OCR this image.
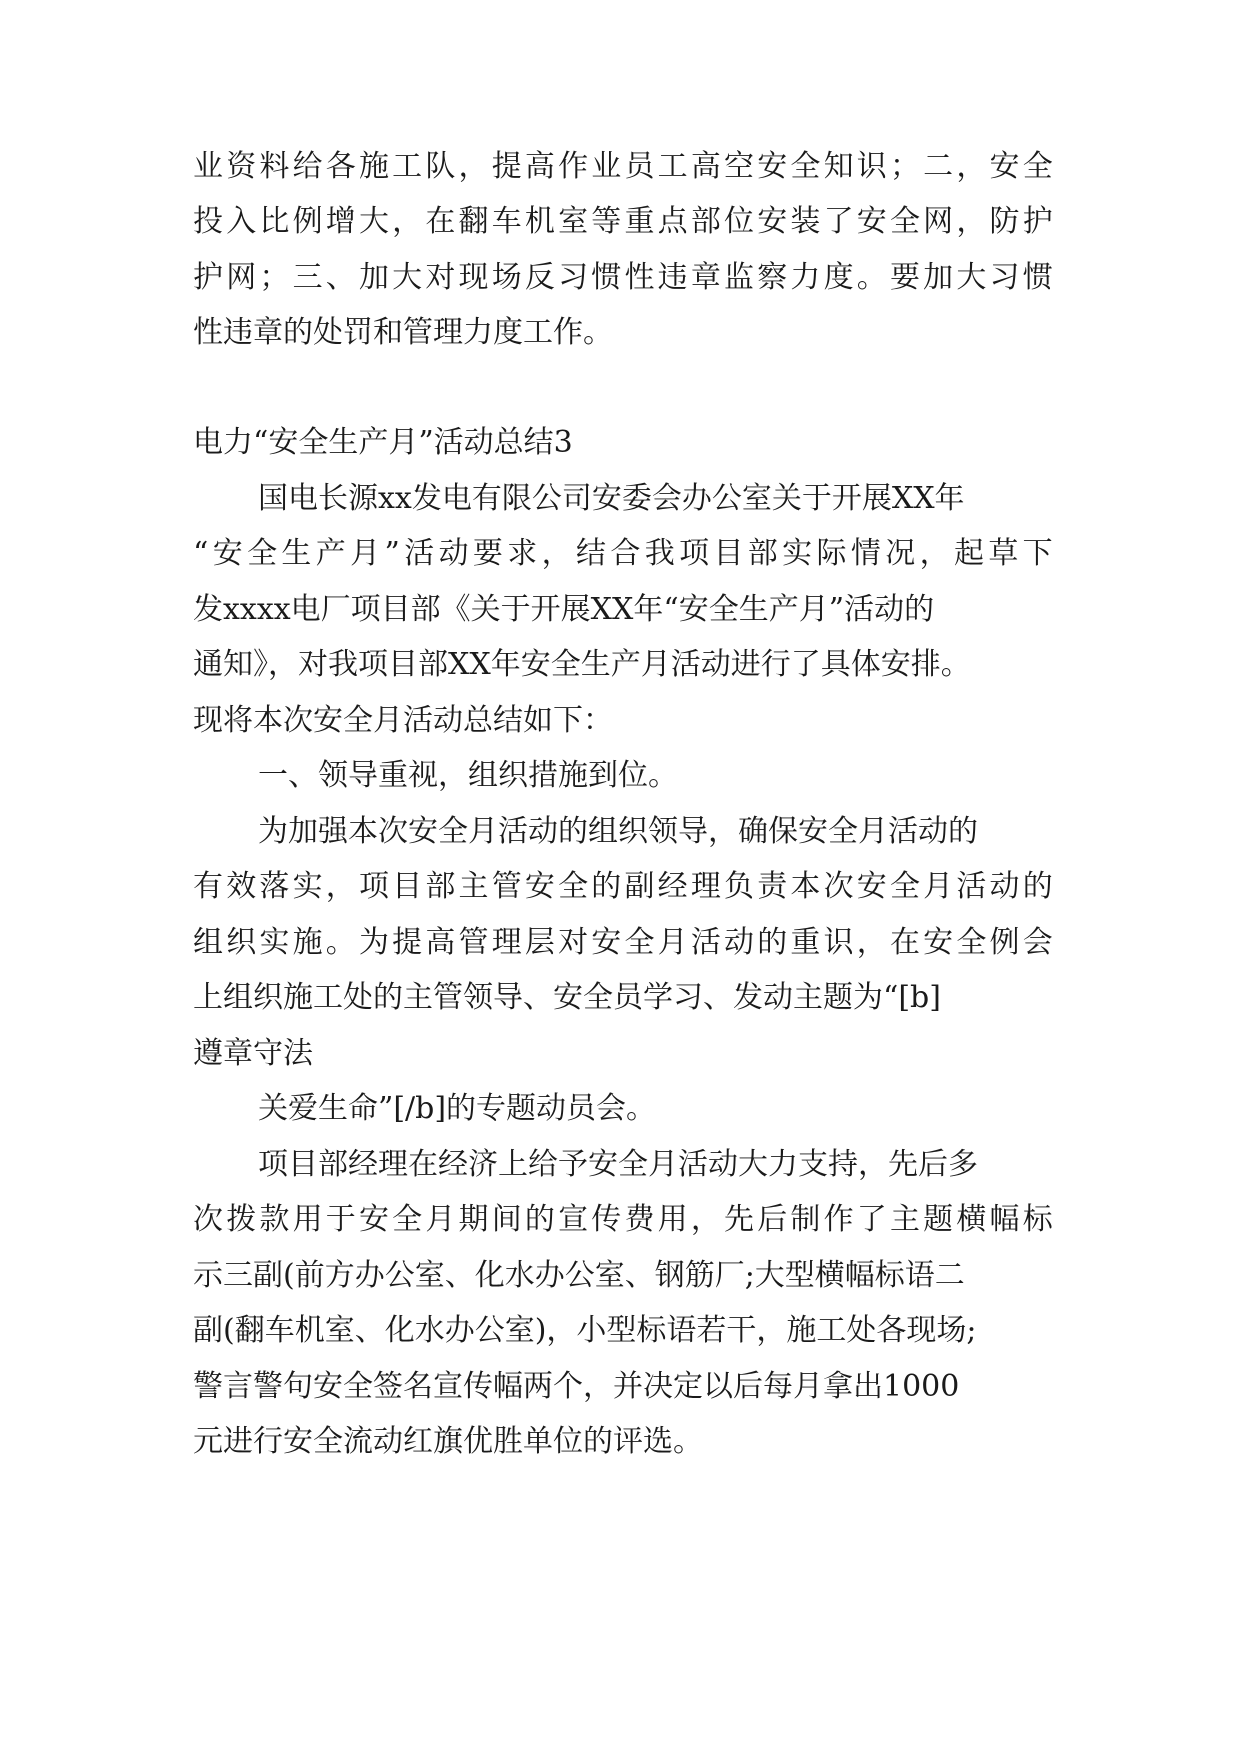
业 资 料 给 各 施 工 队 ， 提 高 作 业 员 工 高 空 安 全 知 识 ； 二 ， 安 全

投 入 比 例 增 大 ， 在 翻 车 机 室 等 重 点 部 位 安 装 了 安 全 网 ， 防 护

护 网 ； 三 、 加 大 对 现 场 反 习 惯 性 违 章 监 察 力 度 。 要 加 大 习 惯

性违章的处罚和管理力度工作。

电力“安全生产月”活动总结3

国电长源xx发电有限公司安委会办公室关于开展XX年

“ 安 全 生 产 月 ” 活 动 要 求 ， 结 合 我 项 目 部 实 际 情 况 ， 起 草 下

发xxxx电厂项目部《关于开展XX年“安全生产月”活动的

通知》，对我项目部XX年安全生产月活动进行了具体安排。

现将本次安全月活动总结如下：

一、领导重视，组织措施到位。

为加强本次安全月活动的组织领导，确保安全月活动的

有 效 落 实 ， 项 目 部 主 管 安 全 的 副 经 理 负 责 本 次 安 全 月 活 动 的

组 织 实 施 。 为 提 高 管 理 层 对 安 全 月 活 动 的 重 识 ， 在 安 全 例 会

上组织施工处的主管领导、安全员学习、发动主题为“[b]

遵章守法

关爱生命”[/b]的专题动员会。

项目部经理在经济上给予安全月活动大力支持，先后多

次 拨 款 用 于 安 全 月 期 间 的 宣 传 费 用 ， 先 后 制 作 了 主 题 横 幅 标

示三副(前方办公室、化水办公室、钢筋厂;大型横幅标语二

副(翻车机室、化水办公室)，小型标语若干，施工处各现场;

警言警句安全签名宣传幅两个，并决定以后每月拿出1000

元进行安全流动红旗优胜单位的评选。
